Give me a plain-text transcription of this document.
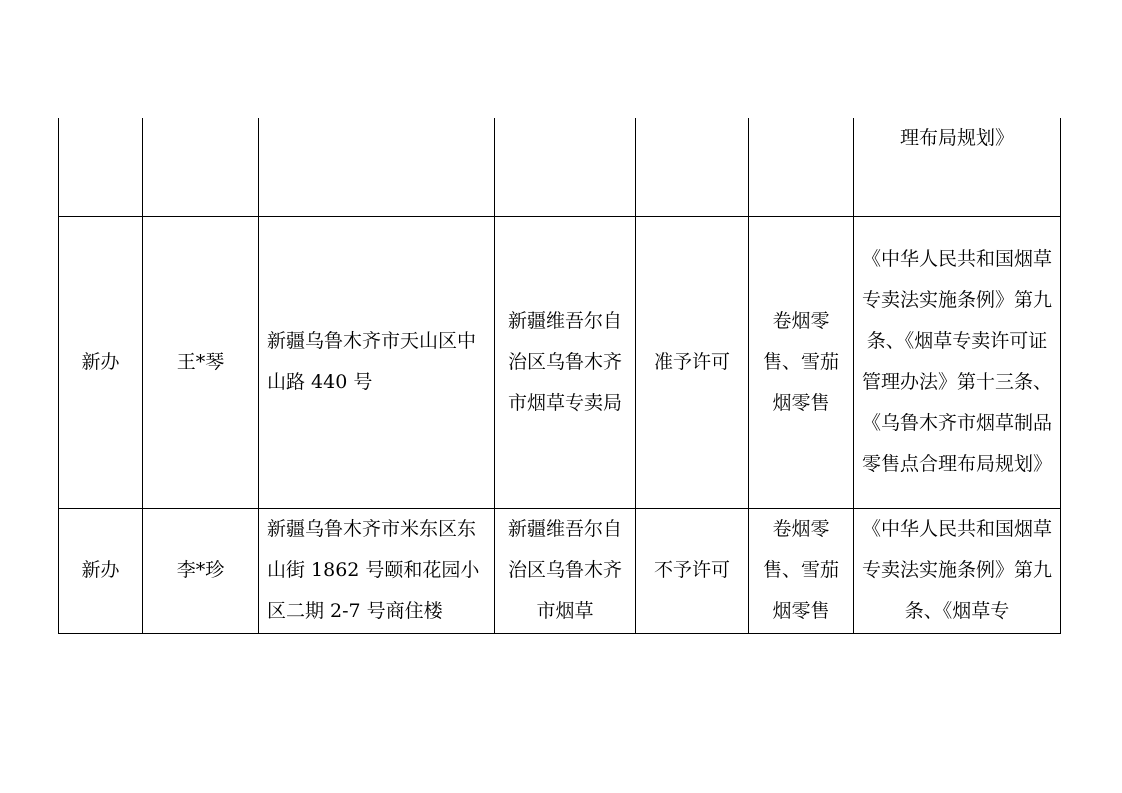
						理布局规划》
新办	王*琴	新疆乌鲁木齐市天山区中山路 440 号	新疆维吾尔自治区乌鲁木齐市烟草专卖局	准予许可	卷烟零售、雪茄烟零售	《中华人民共和国烟草专卖法实施条例》第九条、《烟草专卖许可证管理办法》第十三条、《乌鲁木齐市烟草制品零售点合理布局规划》
新办	李*珍	新疆乌鲁木齐市米东区东山街 1862 号颐和花园小区二期 2-7 号商住楼	新疆维吾尔自治区乌鲁木齐市烟草	不予许可	卷烟零售、雪茄烟零售	《中华人民共和国烟草专卖法实施条例》第九条、《烟草专
